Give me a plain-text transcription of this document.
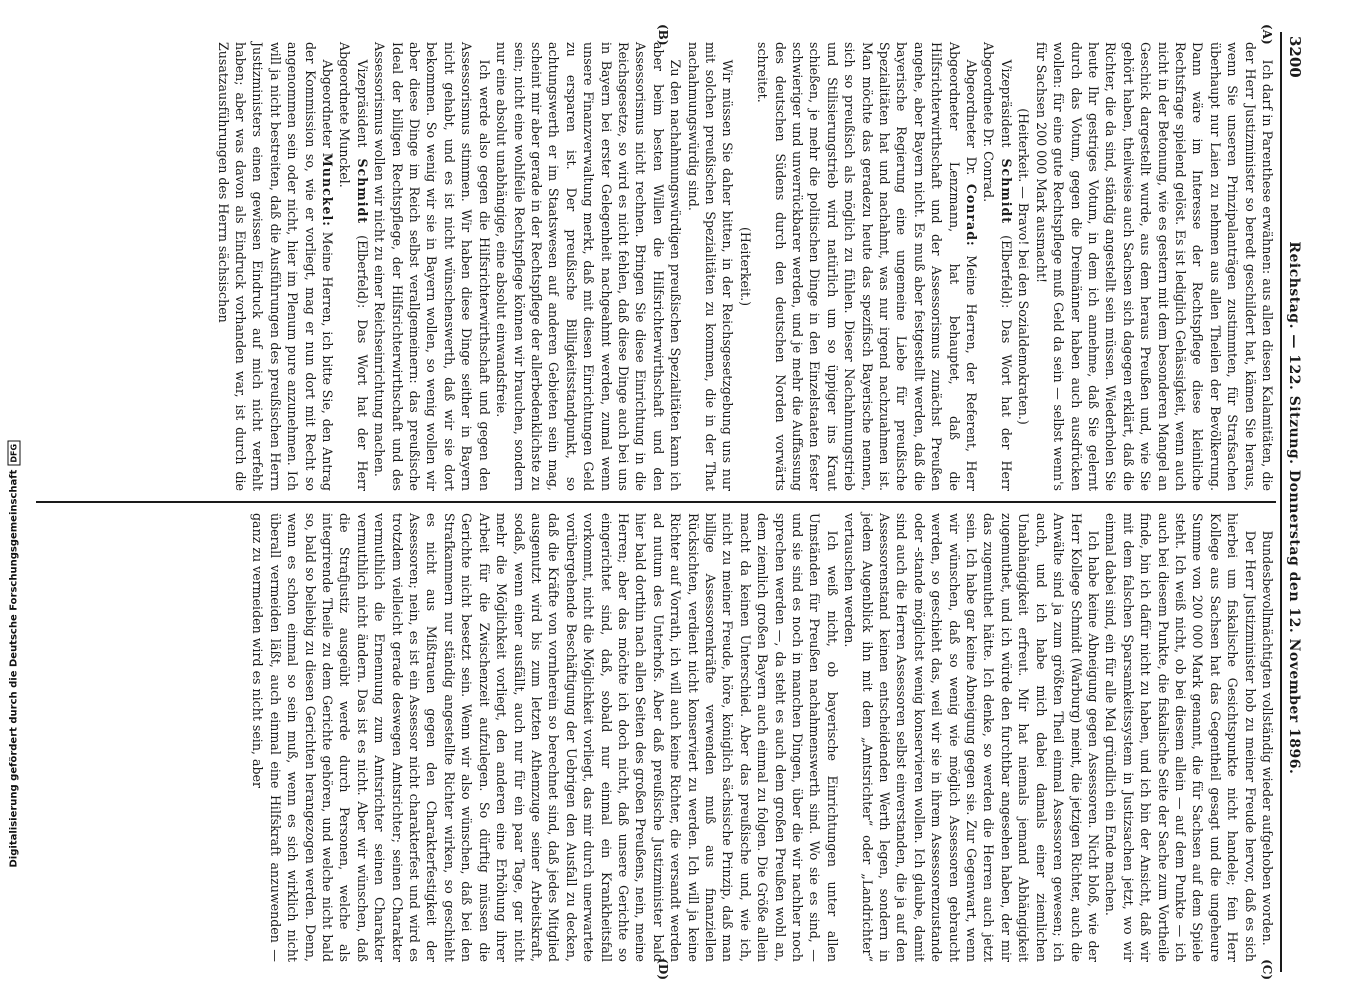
3200
Reichstag. — 122. Sitzung. Donnerstag den 12. November 1896.
(A)
(B)

Ich darf in Parenthese erwähnen: aus allen diesen Kalamitäten, die der Herr Justizminister so beredt geschildert hat, kämen Sie heraus, wenn Sie unseren Prinzipalanträgen zustimmten, für Strafsachen überhaupt nur Laien zu nehmen aus allen Theilen der Bevölkerung. Dann wäre im Interesse der Rechtspflege diese kleinliche Rechtsfrage spielend gelöst. Es ist lediglich Gehässigkeit, wenn auch nicht in der Betonung, wie es gestern mit dem besonderen Mangel an Geschick dargestellt wurde, aus dem heraus Preußen und, wie Sie gehört haben, theilweise auch Sachsen sich dagegen erklärt, daß die Richter, die da sind, ständig angestellt sein müssen. Wiederholen Sie heute Ihr gestriges Votum, in dem ich annehme, daß Sie gelernt durch das Votum, gegen die Dreimänner haben auch ausdrücken wollen: für eine gute Rechtspflege muß Geld da sein — selbst wenn's für Sachsen 200 000 Mark ausmacht!

(Heiterkeit. — Bravo! bei den Sozialdemokraten.)

Vizepräsident Schmidt (Elberfeld): Das Wort hat der Herr Abgeordnete Dr. Conrad.

Abgeordneter Dr. Conrad: Meine Herren, der Referent, Herr Abgeordneter Lenzmann, hat behauptet, daß die Hilfsrichterwirthschaft und der Assessorismus zunächst Preußen angehe, aber Bayern nicht. Es muß aber festgestellt werden, daß die bayerische Regierung eine ungemeine Liebe für preußische Spezialitäten hat und nachahmt, was nur irgend nachzuahmen ist. Man möchte das geradezu heute das spezifisch Bayerische nennen, sich so preußisch als möglich zu fühlen. Dieser Nachahmungstrieb und Stilisierungstrieb wird natürlich um so üppiger ins Kraut schießen, je mehr die politischen Dinge in den Einzelstaaten fester schwieriger und unverrückbarer werden, und je mehr die Auffassung des deutschen Südens durch den deutschen Norden vorwärts schreitet.

(Heiterkeit.)

Wir müssen Sie daher bitten, in der Reichsgesetzgebung uns nur mit solchen preußischen Spezialitäten zu kommen, die in der That nachahmungswürdig sind.

Zu den nachahmungswürdigen preußischen Spezialitäten kann ich aber beim besten Willen die Hilfsrichterwirthschaft und den Assessorismus nicht rechnen. Bringen Sie diese Einrichtung in die Reichsgesetze, so wird es nicht fehlen, daß diese Dinge auch bei uns in Bayern bei erster Gelegenheit nachgeahmt werden, zumal wenn unsere Finanzverwaltung merkt, daß mit diesen Einrichtungen Geld zu ersparen ist. Der preußische Billigkeitsstandpunkt, so achtungswerth er im Staatswesen auf anderen Gebieten sein mag, scheint mir aber gerade in der Rechtspflege der allerbedenklichste zu sein; nicht eine wohlfeile Rechtspflege können wir brauchen, sondern nur eine absolut unabhängige, eine absolut einwandsfreie.

Ich werde also gegen die Hilfsrichterwirthschaft und gegen den Assessorismus stimmen. Wir haben diese Dinge seither in Bayern nicht gehabt, und es ist nicht wünschenswerth, daß wir sie dort bekommen. So wenig wir sie in Bayern wollen, so wenig wollen wir aber diese Dinge im Reich selbst verallgemeinern: das preußische Ideal der billigen Rechtspflege, der Hilfsrichterwirthschaft und des Assessorismus wollen wir nicht zu einer Reichseinrichtung machen.

Vizepräsident Schmidt (Elberfeld): Das Wort hat der Herr Abgeordnete Munckel.

Abgeordneter Munckel: Meine Herren, ich bitte Sie, den Antrag der Kommission so, wie er vorliegt, mag er nun dort mit Recht so angenommen sein oder nicht, hier im Plenum pure anzunehmen. Ich will ja nicht bestreiten, daß die Ausführungen des preußischen Herrn Justizministers einen gewissen Eindruck auf mich nicht verfehlt haben; aber was davon als Eindruck vorhanden war, ist durch die Zusatzausführungen des Herrn sächsischen

Bundesbevollmächtigten vollständig wieder aufgehoben worden.

Der Herr Justizminister hob zu meiner Freude hervor, daß es sich hierbei um fiskalische Gesichtspunkte nicht handele; fein Herr Kollege aus Sachsen hat das Gegentheil gesagt und die ungeheure Summe von 200 000 Mark genannt, die für Sachsen auf dem Spiele steht. Ich weiß nicht, ob bei diesem allein — auf dem Punkte — ich auch bei diesem Punkte, die fiskalische Seite der Sache zum Vortheile finde, bin ich dafür nicht zu haben, und ich bin der Ansicht, daß wir mit dem falschen Sparsamkeitssystem in Justizsachen jetzt, wo wir einmal dabei sind, ein für alle Mal gründlich ein Ende machen.

Ich habe keine Abneigung gegen Assessoren. Nicht bloß, wie der Herr Kollege Schmidt (Warburg) meint, die jetzigen Richter, auch die Anwälte sind ja zum größten Theil einmal Assessoren gewesen; ich auch, und ich habe mich dabei damals einer ziemlichen Unabhängigkeit erfreut. Mir hat niemals jemand Abhängigkeit zugemuthet, und ich würde den furchtbar angesehen haben, der mir das zugemuthet hätte. Ich denke, so werden die Herren auch jetzt sein. Ich habe gar keine Abneigung gegen sie. Zur Gegenwart, wenn wir wünschen, daß so wenig wie möglich Assessoren gebraucht werden, so geschieht das, weil wir sie in ihrem Assessorenzustande oder -stande möglichst wenig konservieren wollen. Ich glaube, damit sind auch die Herren Assessoren selbst einverstanden, die ja auf den Assessorenstand keinen entscheidenden Werth legen, sondern in jedem Augenblick ihn mit dem „Amtsrichter“ oder „Landrichter“ vertauschen werden.

Ich weiß nicht, ob bayerische Einrichtungen unter allen Umständen für Preußen nachahmenswerth sind. Wo sie es sind, — und sie sind es noch in manchen Dingen, über die wir nachher noch sprechen werden —, da steht es auch dem großen Preußen wohl an, dem ziemlich großen Bayern auch einmal zu folgen. Die Größe allein macht da keinen Unterschied. Aber das preußische und, wie ich, nicht zu meiner Freude, höre, königlich sächsische Prinzip, daß man billige Assessorenkräfte verwenden muß aus finanziellen Rücksichten, verdient nicht konserviert zu werden. Ich will ja keine Richter auf Vorrath, ich will auch keine Richter, die versandt werden ad nutum des Unterhofs. Aber daß preußische Justizminister bald hier bald dorthin nach allen Seiten des großen Preußens, nein, meine Herren; aber das möchte ich doch nicht, daß unsere Gerichte so eingerichtet sind, daß, sobald nur einmal ein Krankheitsfall vorkommt, nicht die Möglichkeit vorliegt, das mir durch unerwartete vorübergehende Beschäftigung der Uebrigen den Ausfall zu decken, daß die Kräfte von vornherein so berechnet sind, daß jedes Mitglied ausgenutzt wird bis zum letzten Athemzuge seiner Arbeitskraft, sodaß, wenn einer ausfällt, auch nur für ein paar Tage, gar nicht mehr die Möglichkeit vorliegt, den anderen eine Erhöhung ihrer Arbeit für die Zwischenzeit aufzulegen. So dürftig müssen die Gerichte nicht besetzt sein. Wenn wir also wünschen, daß bei den Strafkammern nur ständig angestellte Richter wirken, so geschieht es nicht aus Mißtrauen gegen den Charakterfestigkeit der Assessoren; nein, es ist ein Assessor nicht charakterfest und wird es trotzdem vielleicht gerade deswegen Amtsrichter; seinen Charakter vermuthlich die Ernennung zum Amtsrichter seinen Charakter vermuthlich nicht ändern. Das ist es nicht. Aber wir wünschen, daß die Strafjustiz ausgeübt werde durch Personen, welche als integrirende Theile zu dem Gerichte gehören, und welche nicht bald so, bald so beliebig zu diesen Gerichten herangezogen werden. Denn, wenn es schon einmal so sein muß, wenn es sich wirklich nicht überall vermeiden läßt, auch einmal eine Hilfskraft anzuwenden — ganz zu vermeiden wird es nicht sein, aber

(C)
(D)
Digitalisierung gefördert durch die Deutsche Forschungsgemeinschaft
DFG
